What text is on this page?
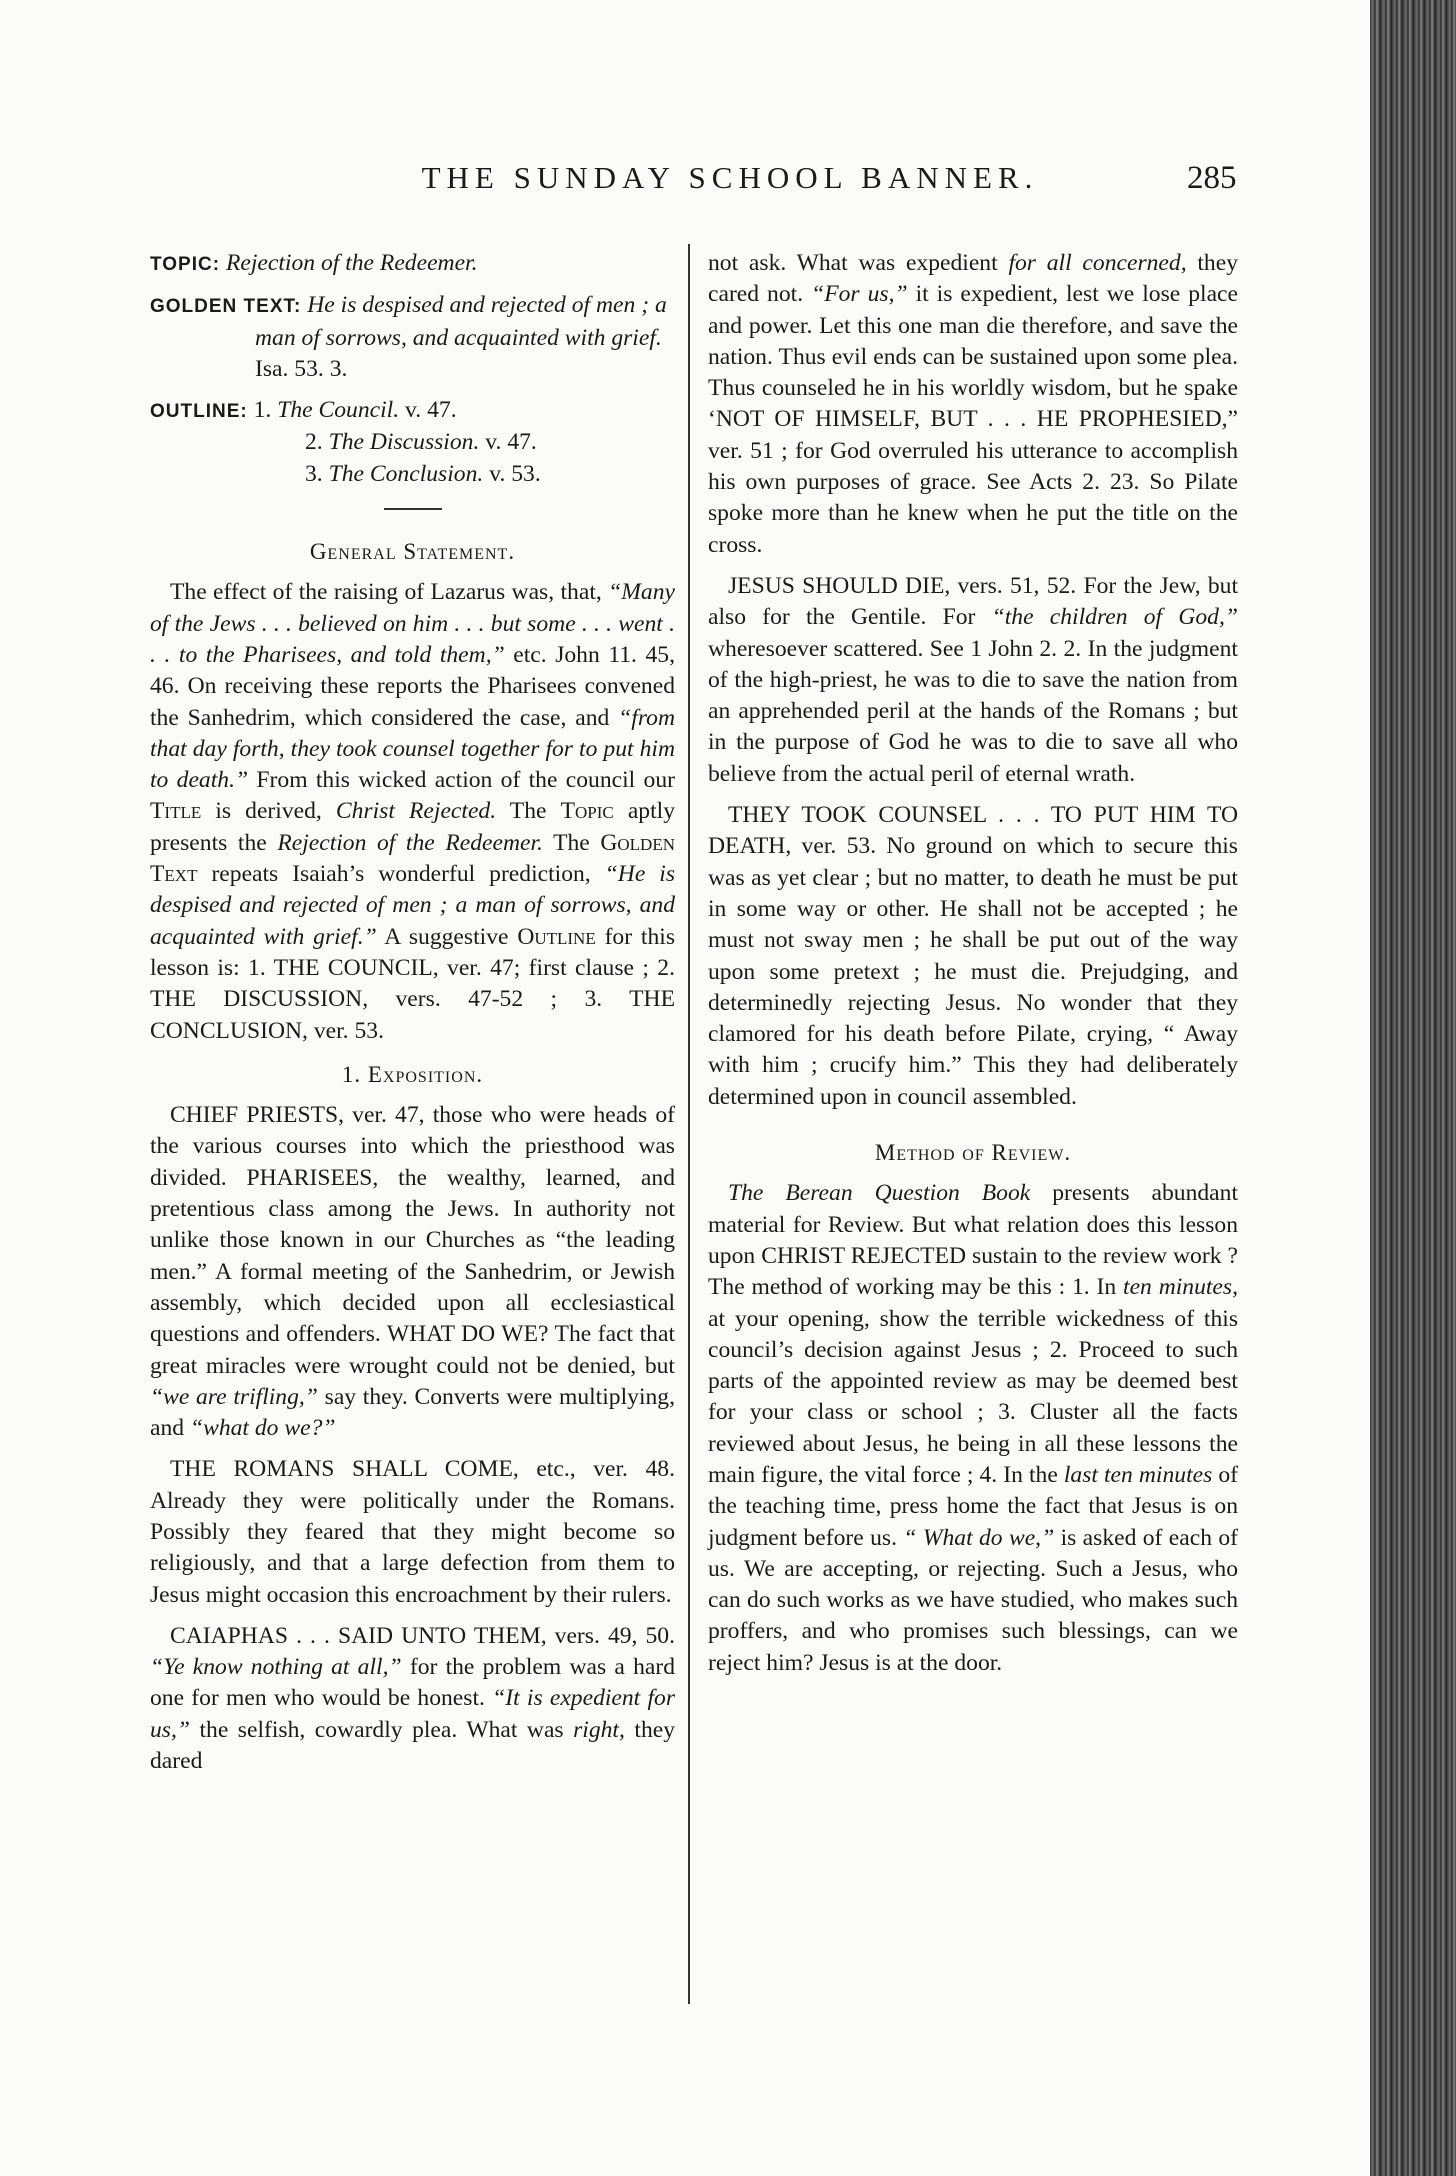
THE SUNDAY SCHOOL BANNER.	285

TOPIC: Rejection of the Redeemer.

GOLDEN TEXT: He is despised and rejected of men ; a man of sorrows, and acquainted with grief. Isa. 53. 3.

OUTLINE: 1. The Council. v. 47.
2. The Discussion. v. 47.
3. The Conclusion. v. 53.
General Statement.

The effect of the raising of Lazarus was, that, “Many of the Jews . . . believed on him . . . but some . . . went . . . to the Pharisees, and told them,” etc. John 11. 45, 46. On receiving these reports the Pharisees convened the Sanhedrim, which considered the case, and “from that day forth, they took counsel together for to put him to death.” From this wicked action of the council our Title is derived, Christ Rejected. The Topic aptly presents the Rejection of the Redeemer. The Golden Text repeats Isaiah’s wonderful prediction, “He is despised and rejected of men ; a man of sorrows, and acquainted with grief.” A suggestive Outline for this lesson is: 1. THE COUNCIL, ver. 47; first clause ; 2. THE DISCUSSION, vers. 47-52 ; 3. THE CONCLUSION, ver. 53.

1. Exposition.

CHIEF PRIESTS, ver. 47, those who were heads of the various courses into which the priesthood was divided. PHARISEES, the wealthy, learned, and pretentious class among the Jews. In authority not unlike those known in our Churches as “the leading men.” A formal meeting of the Sanhedrim, or Jewish assembly, which decided upon all ecclesiastical questions and offenders. WHAT DO WE? The fact that great miracles were wrought could not be denied, but “we are trifling,” say they. Converts were multiplying, and “what do we?”

THE ROMANS SHALL COME, etc., ver. 48. Already they were politically under the Romans. Possibly they feared that they might become so religiously, and that a large defection from them to Jesus might occasion this encroachment by their rulers.

CAIAPHAS . . . SAID UNTO THEM, vers. 49, 50. “Ye know nothing at all,” for the problem was a hard one for men who would be honest. “It is expedient for us,” the selfish, cowardly plea. What was right, they dared

not ask. What was expedient for all concerned, they cared not. “For us,” it is expedient, lest we lose place and power. Let this one man die therefore, and save the nation. Thus evil ends can be sustained upon some plea. Thus counseled he in his worldly wisdom, but he spake ‘NOT OF HIMSELF, BUT . . . HE PROPHESIED,” ver. 51 ; for God overruled his utterance to accomplish his own purposes of grace. See Acts 2. 23. So Pilate spoke more than he knew when he put the title on the cross.

JESUS SHOULD DIE, vers. 51, 52. For the Jew, but also for the Gentile. For “the children of God,” wheresoever scattered. See 1 John 2. 2. In the judgment of the high-priest, he was to die to save the nation from an apprehended peril at the hands of the Romans ; but in the purpose of God he was to die to save all who believe from the actual peril of eternal wrath.

THEY TOOK COUNSEL . . . TO PUT HIM TO DEATH, ver. 53. No ground on which to secure this was as yet clear ; but no matter, to death he must be put in some way or other. He shall not be accepted ; he must not sway men ; he shall be put out of the way upon some pretext ; he must die. Prejudging, and determinedly rejecting Jesus. No wonder that they clamored for his death before Pilate, crying, “ Away with him ; crucify him.” This they had deliberately determined upon in council assembled.

Method of Review.

The Berean Question Book presents abundant material for Review. But what relation does this lesson upon CHRIST REJECTED sustain to the review work ? The method of working may be this : 1. In ten minutes, at your opening, show the terrible wickedness of this council’s decision against Jesus ; 2. Proceed to such parts of the appointed review as may be deemed best for your class or school ; 3. Cluster all the facts reviewed about Jesus, he being in all these lessons the main figure, the vital force ; 4. In the last ten minutes of the teaching time, press home the fact that Jesus is on judgment before us. “ What do we,” is asked of each of us. We are accepting, or rejecting. Such a Jesus, who can do such works as we have studied, who makes such proffers, and who promises such blessings, can we reject him? Jesus is at the door.
